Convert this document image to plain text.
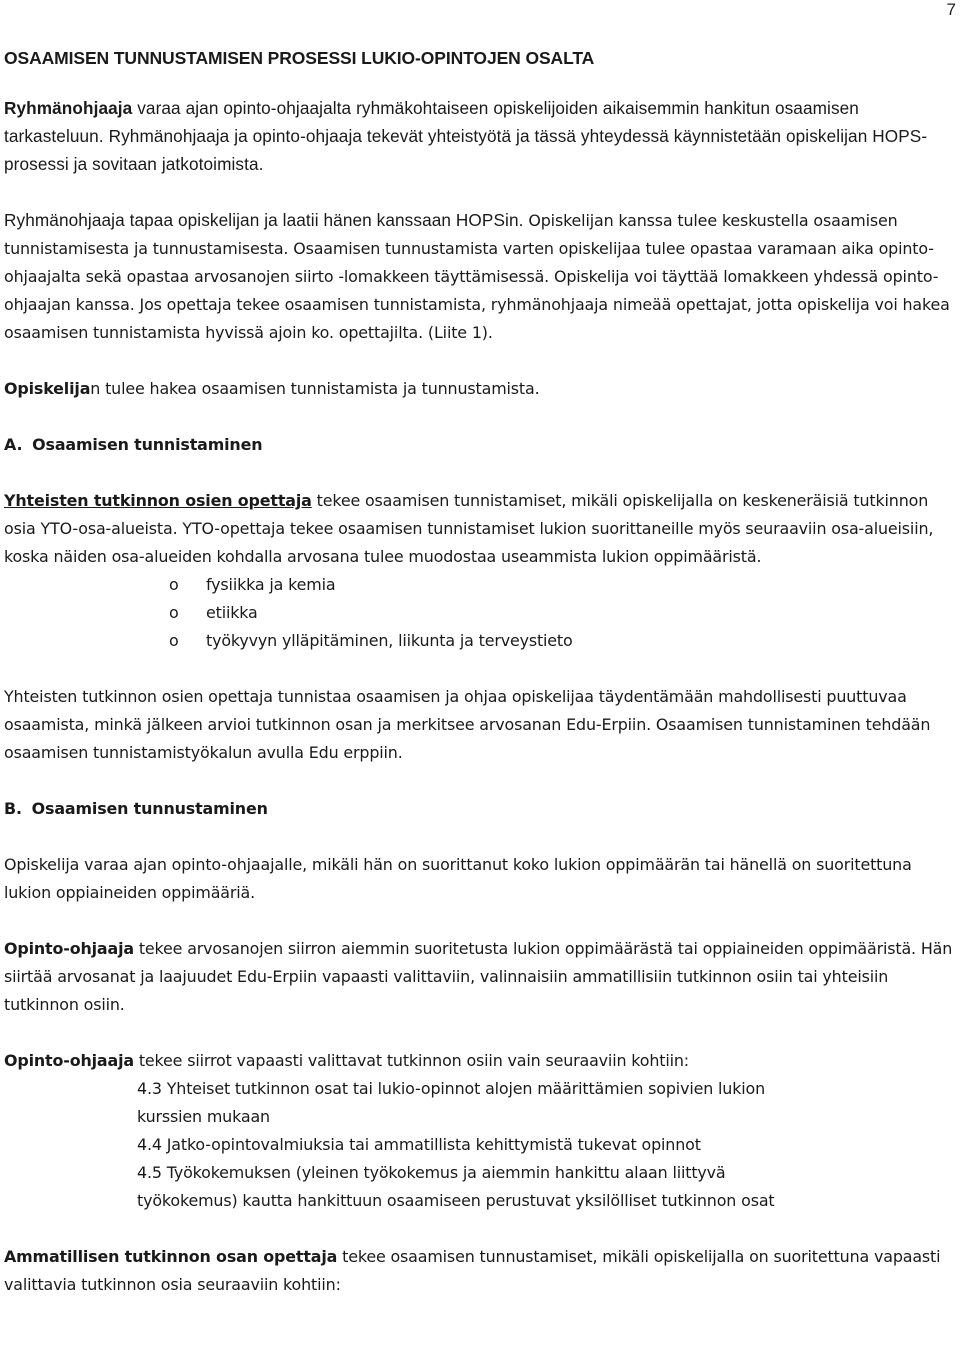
7
OSAAMISEN TUNNUSTAMISEN PROSESSI LUKIO-OPINTOJEN OSALTA

Ryhmänohjaaja varaa ajan opinto-ohjaajalta ryhmäkohtaiseen opiskelijoiden aikaisemmin hankitun osaamisen tarkasteluun. Ryhmänohjaaja ja opinto-ohjaaja tekevät yhteistyötä ja tässä yhteydessä käynnistetään opiskelijan HOPS-prosessi ja sovitaan jatkotoimista.

Ryhmänohjaaja tapaa opiskelijan ja laatii hänen kanssaan HOPSin. Opiskelijan kanssa tulee keskustella osaamisen tunnistamisesta ja tunnustamisesta. Osaamisen tunnustamista varten opiskelijaa tulee opastaa varamaan aika opinto-ohjaajalta sekä opastaa arvosanojen siirto -lomakkeen täyttämisessä. Opiskelija voi täyttää lomakkeen yhdessä opinto-ohjaajan kanssa. Jos opettaja tekee osaamisen tunnistamista, ryhmänohjaaja nimeää opettajat, jotta opiskelija voi hakea osaamisen tunnistamista hyvissä ajoin ko. opettajilta. (Liite 1).

Opiskelijan tulee hakea osaamisen tunnistamista ja tunnustamista.

A. Osaamisen tunnistaminen

Yhteisten tutkinnon osien opettaja tekee osaamisen tunnistamiset, mikäli opiskelijalla on keskeneräisiä tutkinnon osia YTO-osa-alueista. YTO-opettaja tekee osaamisen tunnistamiset lukion suorittaneille myös seuraaviin osa-alueisiin, koska näiden osa-alueiden kohdalla arvosana tulee muodostaa useammista lukion oppimääristä.

o fysiikka ja kemia
o etiikka
o työkyvyn ylläpitäminen, liikunta ja terveystieto

Yhteisten tutkinnon osien opettaja tunnistaa osaamisen ja ohjaa opiskelijaa täydentämään mahdollisesti puuttuvaa osaamista, minkä jälkeen arvioi tutkinnon osan ja merkitsee arvosanan Edu-Erpiin. Osaamisen tunnistaminen tehdään osaamisen tunnistamistyökalun avulla Edu erppiin.

B. Osaamisen tunnustaminen

Opiskelija varaa ajan opinto-ohjaajalle, mikäli hän on suorittanut koko lukion oppimäärän tai hänellä on suoritettuna lukion oppiaineiden oppimääriä.

Opinto-ohjaaja tekee arvosanojen siirron aiemmin suoritetusta lukion oppimäärästä tai oppiaineiden oppimääristä. Hän siirtää arvosanat ja laajuudet Edu-Erpiin vapaasti valittaviin, valinnaisiin ammatillisiin tutkinnon osiin tai yhteisiin tutkinnon osiin.

Opinto-ohjaaja tekee siirrot vapaasti valittavat tutkinnon osiin vain seuraaviin kohtiin:

4.3 Yhteiset tutkinnon osat tai lukio-opinnot alojen määrittämien sopivien lukion
kurssien mukaan
4.4 Jatko-opintovalmiuksia tai ammatillista kehittymistä tukevat opinnot
4.5 Työkokemuksen (yleinen työkokemus ja aiemmin hankittu alaan liittyvä
työkokemus) kautta hankittuun osaamiseen perustuvat yksilölliset tutkinnon osat

Ammatillisen tutkinnon osan opettaja tekee osaamisen tunnustamiset, mikäli opiskelijalla on suoritettuna vapaasti valittavia tutkinnon osia seuraaviin kohtiin:
